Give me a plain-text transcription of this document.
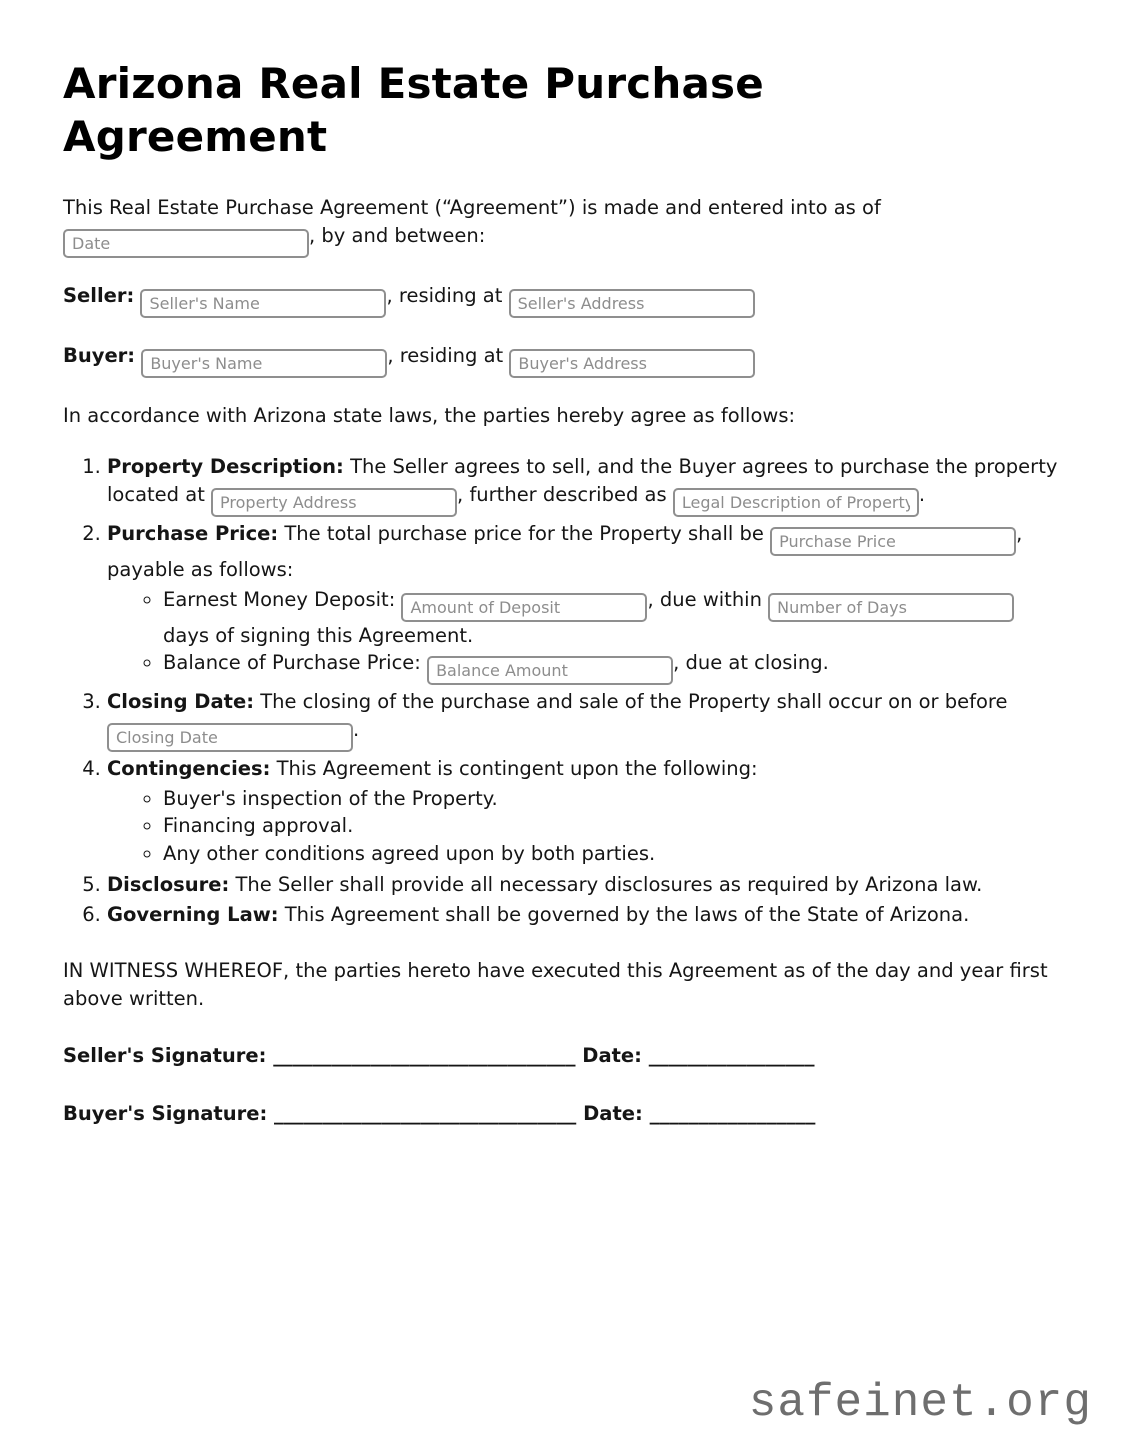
Arizona Real Estate Purchase Agreement

This Real Estate Purchase Agreement (“Agreement”) is made and entered into as of Date, by and between:

Seller: Seller's Name	, residing at Seller's Address

Buyer: Buyer's Name	, residing at Buyer's Address

In accordance with Arizona state laws, the parties hereby agree as follows:

1. Property Description: The Seller agrees to sell, and the Buyer agrees to purchase the property located at Property Address	, further described as Legal Description of Property	.
2. Purchase Price: The total purchase price for the Property shall be Purchase Price	, payable as follows:
◦ Earnest Money Deposit: Amount of Deposit	, due within Number of Days days of signing this Agreement.
◦ Balance of Purchase Price: Balance Amount	, due at closing.
3. Closing Date: The closing of the purchase and sale of the Property shall occur on or before Closing Date.
4. Contingencies: This Agreement is contingent upon the following:
◦ Buyer's inspection of the Property.
◦ Financing approval.
◦ Any other conditions agreed upon by both parties.
5. Disclosure: The Seller shall provide all necessary disclosures as required by Arizona law.
6. Governing Law: This Agreement shall be governed by the laws of the State of Arizona.

IN WITNESS WHEREOF, the parties hereto have executed this Agreement as of the day and year first above written.

Seller's Signature: _______________________________ Date: _________________

Buyer's Signature: _______________________________ Date: _________________

safeinet.org
